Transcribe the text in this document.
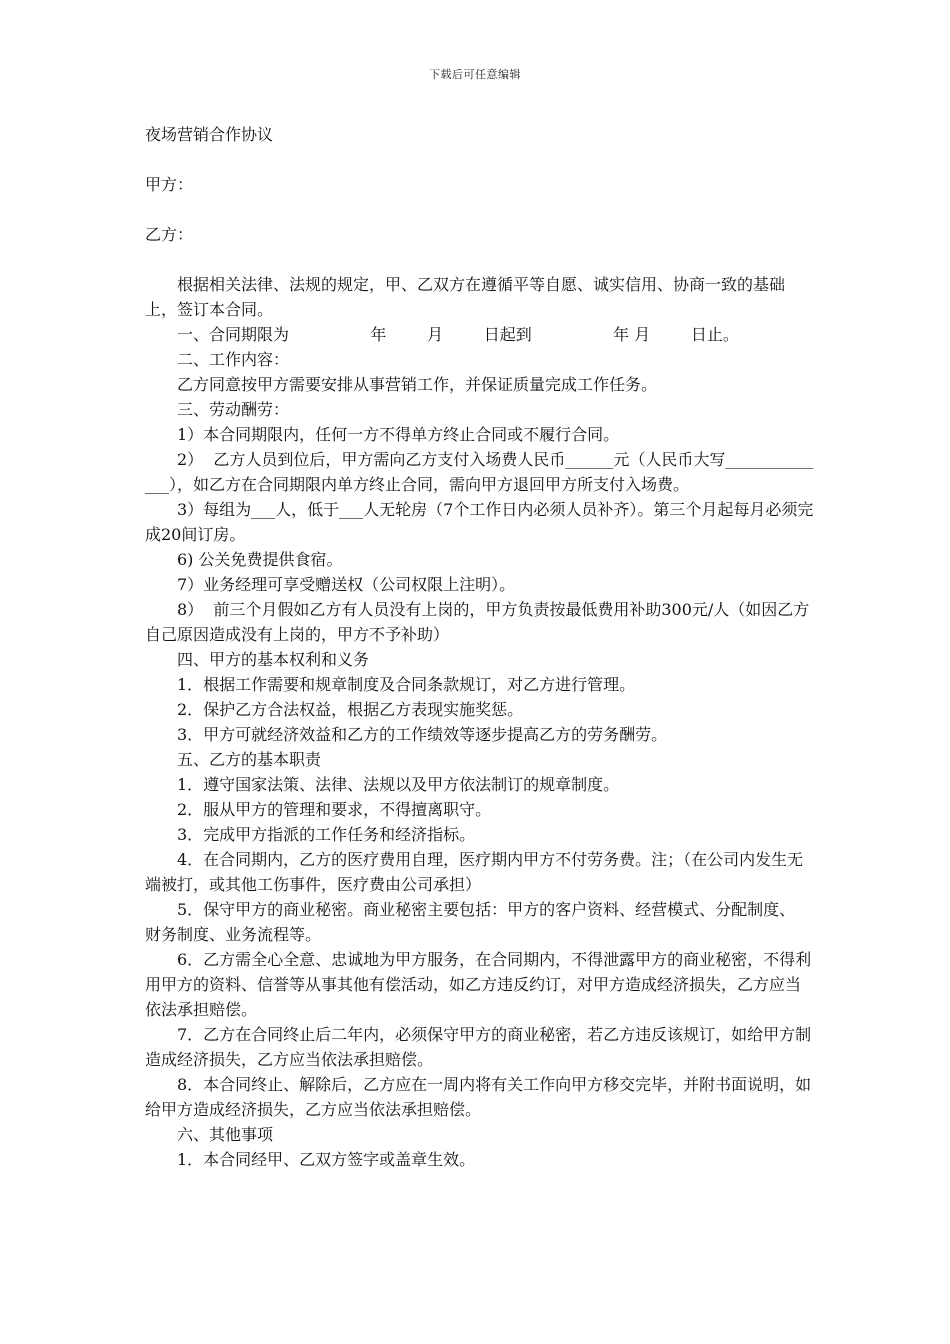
下载后可任意编辑

夜场营销合作协议

甲方：

乙方：

根据相关法律、法规的规定，甲、乙双方在遵循平等自愿、诚实信用、协商一致的基础上，签订本合同。

一、合同期限为                年        月        日起到                年 月        日止。

二、工作内容：

乙方同意按甲方需要安排从事营销工作，并保证质量完成工作任务。

三、劳动酬劳：

1）本合同期限内，任何一方不得单方终止合同或不履行合同。

2）  乙方人员到位后，甲方需向乙方支付入场费人民币______元（人民币大写______________），如乙方在合同期限内单方终止合同，需向甲方退回甲方所支付入场费。

3）每组为___人，低于___人无轮房（7个工作日内必须人员补齐）。第三个月起每月必须完成20间订房。

6) 公关免费提供食宿。

7）业务经理可享受赠送权（公司权限上注明）。

8）  前三个月假如乙方有人员没有上岗的，甲方负责按最低费用补助300元/人（如因乙方自己原因造成没有上岗的，甲方不予补助）

四、甲方的基本权利和义务

1．根据工作需要和规章制度及合同条款规订，对乙方进行管理。

2．保护乙方合法权益，根据乙方表现实施奖惩。

3．甲方可就经济效益和乙方的工作绩效等逐步提高乙方的劳务酬劳。

五、乙方的基本职责

1．遵守国家法策、法律、法规以及甲方依法制订的规章制度。

2．服从甲方的管理和要求，不得擅离职守。

3．完成甲方指派的工作任务和经济指标。

4．在合同期内，乙方的医疗费用自理，医疗期内甲方不付劳务费。注；（在公司内发生无端被打，或其他工伤事件，医疗费由公司承担）

5．保守甲方的商业秘密。商业秘密主要包括：甲方的客户资料、经营模式、分配制度、 财务制度、业务流程等。

6．乙方需全心全意、忠诚地为甲方服务，在合同期内，不得泄露甲方的商业秘密，不得利用甲方的资料、信誉等从事其他有偿活动，如乙方违反约订，对甲方造成经济损失，乙方应当依法承担赔偿。

7．乙方在合同终止后二年内，必须保守甲方的商业秘密，若乙方违反该规订，如给甲方制造成经济损失，乙方应当依法承担赔偿。

8．本合同终止、解除后，乙方应在一周内将有关工作向甲方移交完毕，并附书面说明，如给甲方造成经济损失，乙方应当依法承担赔偿。

六、其他事项

1．本合同经甲、乙双方签字或盖章生效。
